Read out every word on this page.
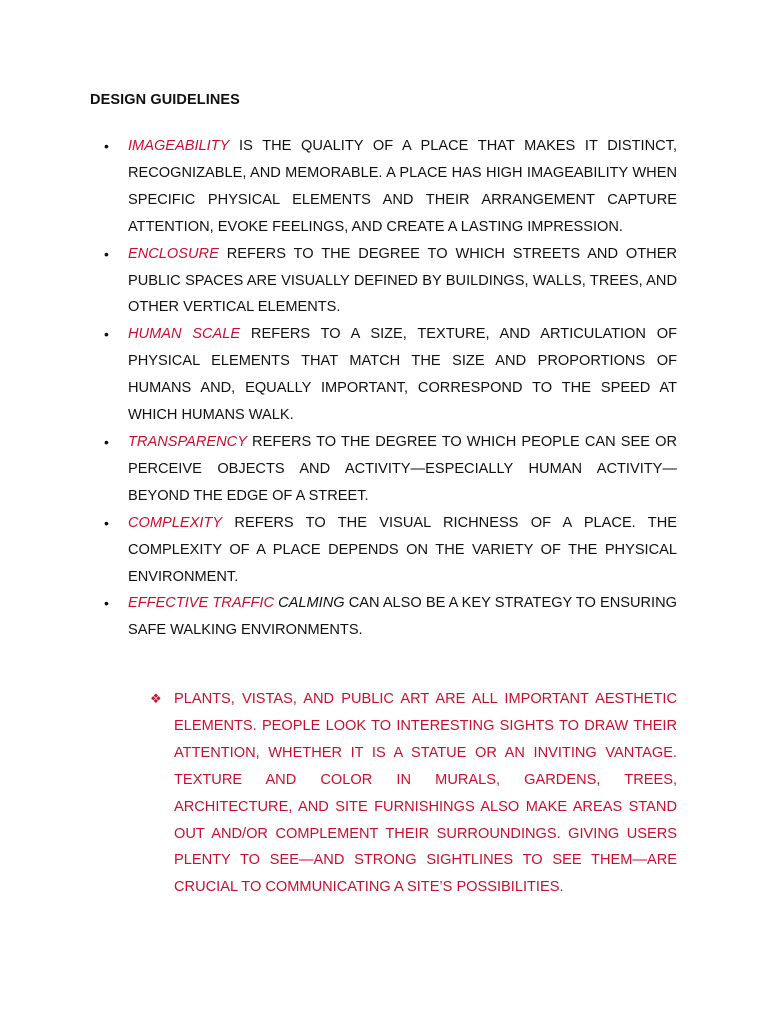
DESIGN GUIDELINES
• IMAGEABILITY IS THE QUALITY OF A PLACE THAT MAKES IT DISTINCT, RECOGNIZABLE, AND MEMORABLE. A PLACE HAS HIGH IMAGEABILITY WHEN SPECIFIC PHYSICAL ELEMENTS AND THEIR ARRANGEMENT CAPTURE ATTENTION, EVOKE FEELINGS, AND CREATE A LASTING IMPRESSION.
• ENCLOSURE REFERS TO THE DEGREE TO WHICH STREETS AND OTHER PUBLIC SPACES ARE VISUALLY DEFINED BY BUILDINGS, WALLS, TREES, AND OTHER VERTICAL ELEMENTS.
• HUMAN SCALE REFERS TO A SIZE, TEXTURE, AND ARTICULATION OF PHYSICAL ELEMENTS THAT MATCH THE SIZE AND PROPORTIONS OF HUMANS AND, EQUALLY IMPORTANT, CORRESPOND TO THE SPEED AT WHICH HUMANS WALK.
• TRANSPARENCY REFERS TO THE DEGREE TO WHICH PEOPLE CAN SEE OR PERCEIVE OBJECTS AND ACTIVITY—ESPECIALLY HUMAN ACTIVITY— BEYOND THE EDGE OF A STREET.
• COMPLEXITY REFERS TO THE VISUAL RICHNESS OF A PLACE. THE COMPLEXITY OF A PLACE DEPENDS ON THE VARIETY OF THE PHYSICAL ENVIRONMENT.
• EFFECTIVE TRAFFIC CALMING CAN ALSO BE A KEY STRATEGY TO ENSURING SAFE WALKING ENVIRONMENTS.
❖ PLANTS, VISTAS, AND PUBLIC ART ARE ALL IMPORTANT AESTHETIC ELEMENTS. PEOPLE LOOK TO INTERESTING SIGHTS TO DRAW THEIR ATTENTION, WHETHER IT IS A STATUE OR AN INVITING VANTAGE. TEXTURE AND COLOR IN MURALS, GARDENS, TREES, ARCHITECTURE, AND SITE FURNISHINGS ALSO MAKE AREAS STAND OUT AND/OR COMPLEMENT THEIR SURROUNDINGS. GIVING USERS PLENTY TO SEE—AND STRONG SIGHTLINES TO SEE THEM—ARE CRUCIAL TO COMMUNICATING A SITE’S POSSIBILITIES.
